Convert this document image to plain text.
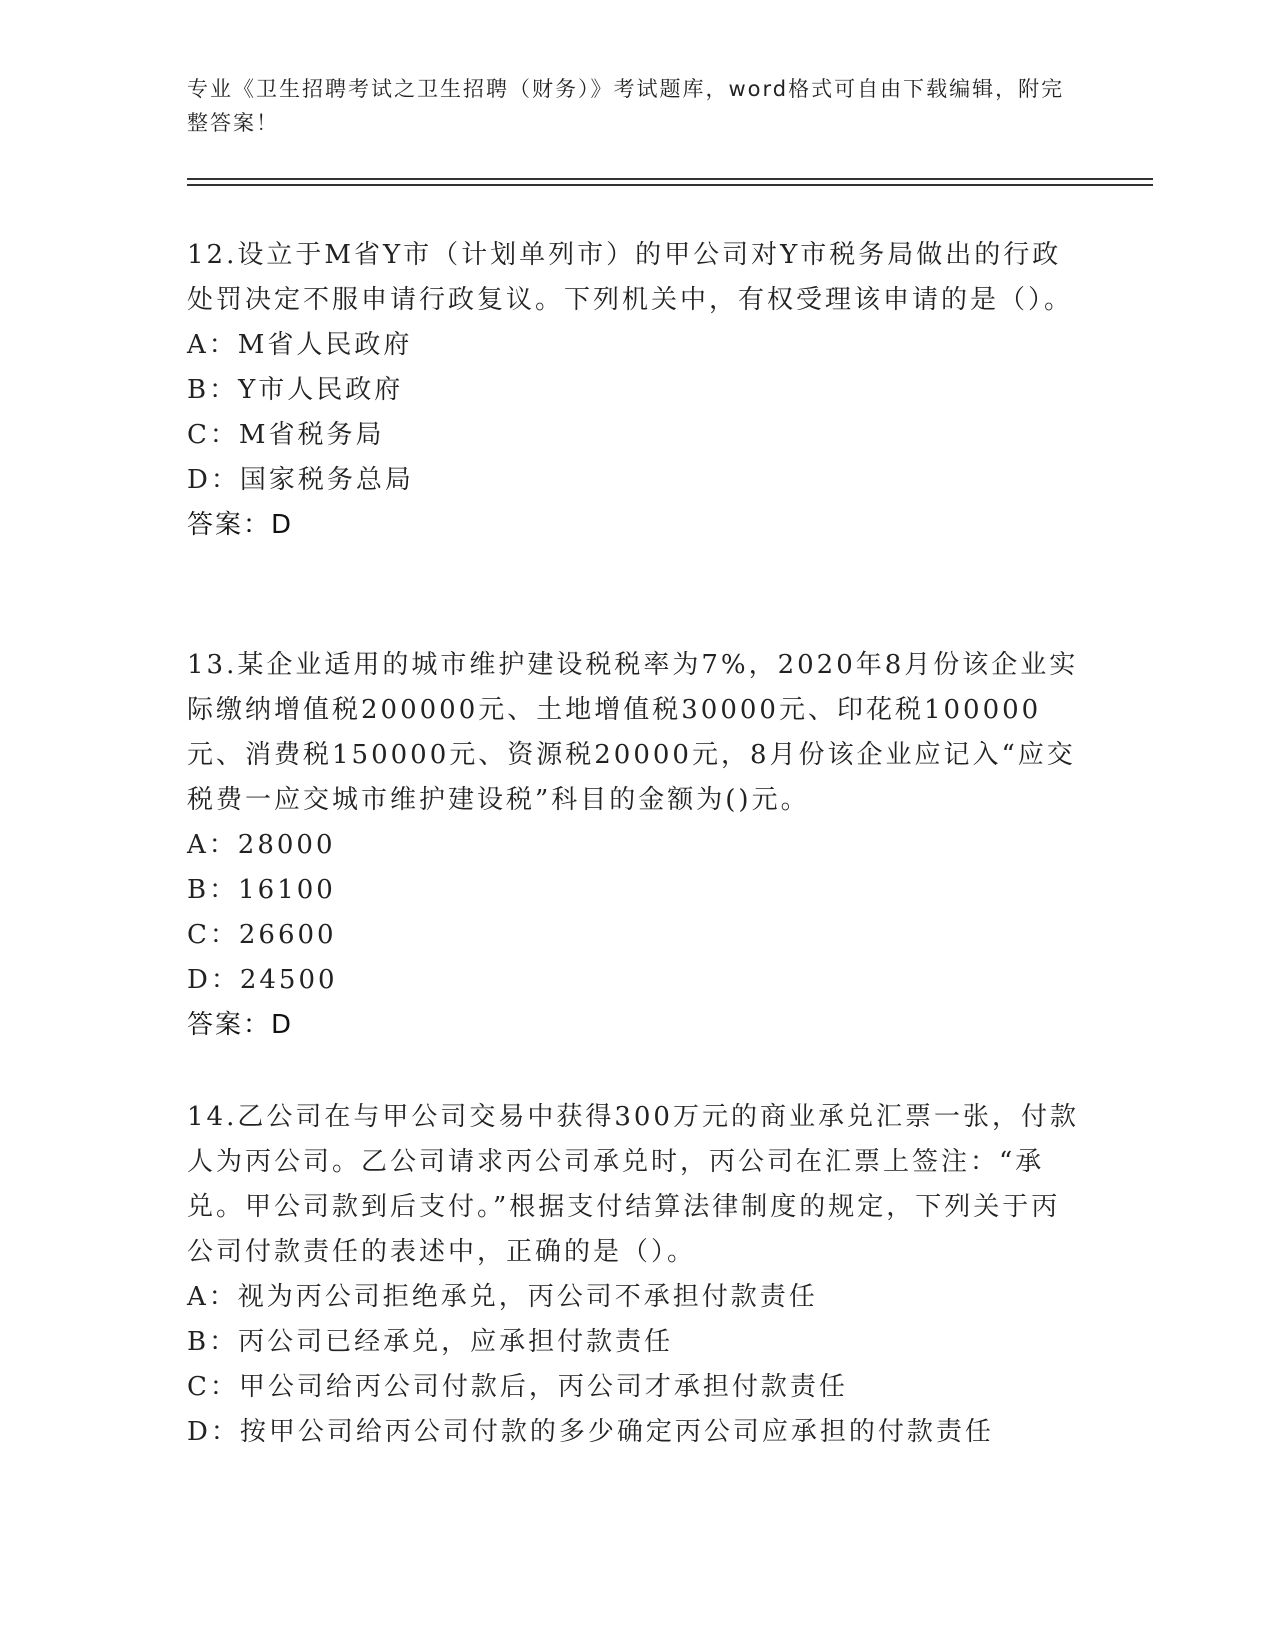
专业《卫生招聘考试之卫生招聘（财务）》考试题库，word格式可自由下载编辑，附完整答案！

12.设立于M省Y市（计划单列市）的甲公司对Y市税务局做出的行政处罚决定不服申请行政复议。下列机关中，有权受理该申请的是（）。

A：M省人民政府

B：Y市人民政府

C：M省税务局

D：国家税务总局

答案：D

13.某企业适用的城市维护建设税税率为7%，2020年8月份该企业实际缴纳增值税200000元、土地增值税30000元、印花税100000元、消费税150000元、资源税20000元，8月份该企业应记入“应交税费一应交城市维护建设税”科目的金额为()元。

A：28000

B：16100

C：26600

D：24500

答案：D

14.乙公司在与甲公司交易中获得300万元的商业承兑汇票一张，付款人为丙公司。乙公司请求丙公司承兑时，丙公司在汇票上签注：“承兑。甲公司款到后支付。”根据支付结算法律制度的规定，下列关于丙公司付款责任的表述中，正确的是（）。

A：视为丙公司拒绝承兑，丙公司不承担付款责任

B：丙公司已经承兑，应承担付款责任

C：甲公司给丙公司付款后，丙公司才承担付款责任

D：按甲公司给丙公司付款的多少确定丙公司应承担的付款责任
